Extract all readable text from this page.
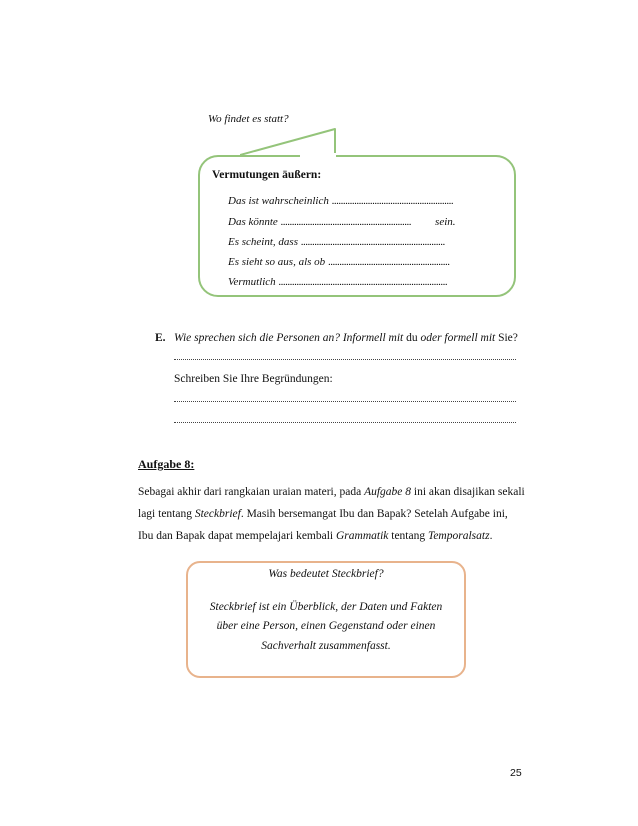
Wo findet es statt?
Vermutungen äußern:
Das ist wahrscheinlich ......................................................
Das könnte .......................................................... sein.
Es scheint, dass ................................................................
Es sieht so aus, als ob ......................................................
Vermutlich ...........................................................................
E. Wie sprechen sich die Personen an? Informell mit du oder formell mit Sie?
Schreiben Sie Ihre Begründungen:
Aufgabe 8:
Sebagai akhir dari rangkaian uraian materi, pada Aufgabe 8 ini akan disajikan sekali
lagi tentang Steckbrief. Masih bersemangat Ibu dan Bapak? Setelah Aufgabe ini,
Ibu dan Bapak dapat mempelajari kembali Grammatik tentang Temporalsatz.
Was bedeutet Steckbrief?
Steckbrief ist ein Überblick, der Daten und Fakten
über eine Person, einen Gegenstand oder einen
Sachverhalt zusammenfasst.
25
